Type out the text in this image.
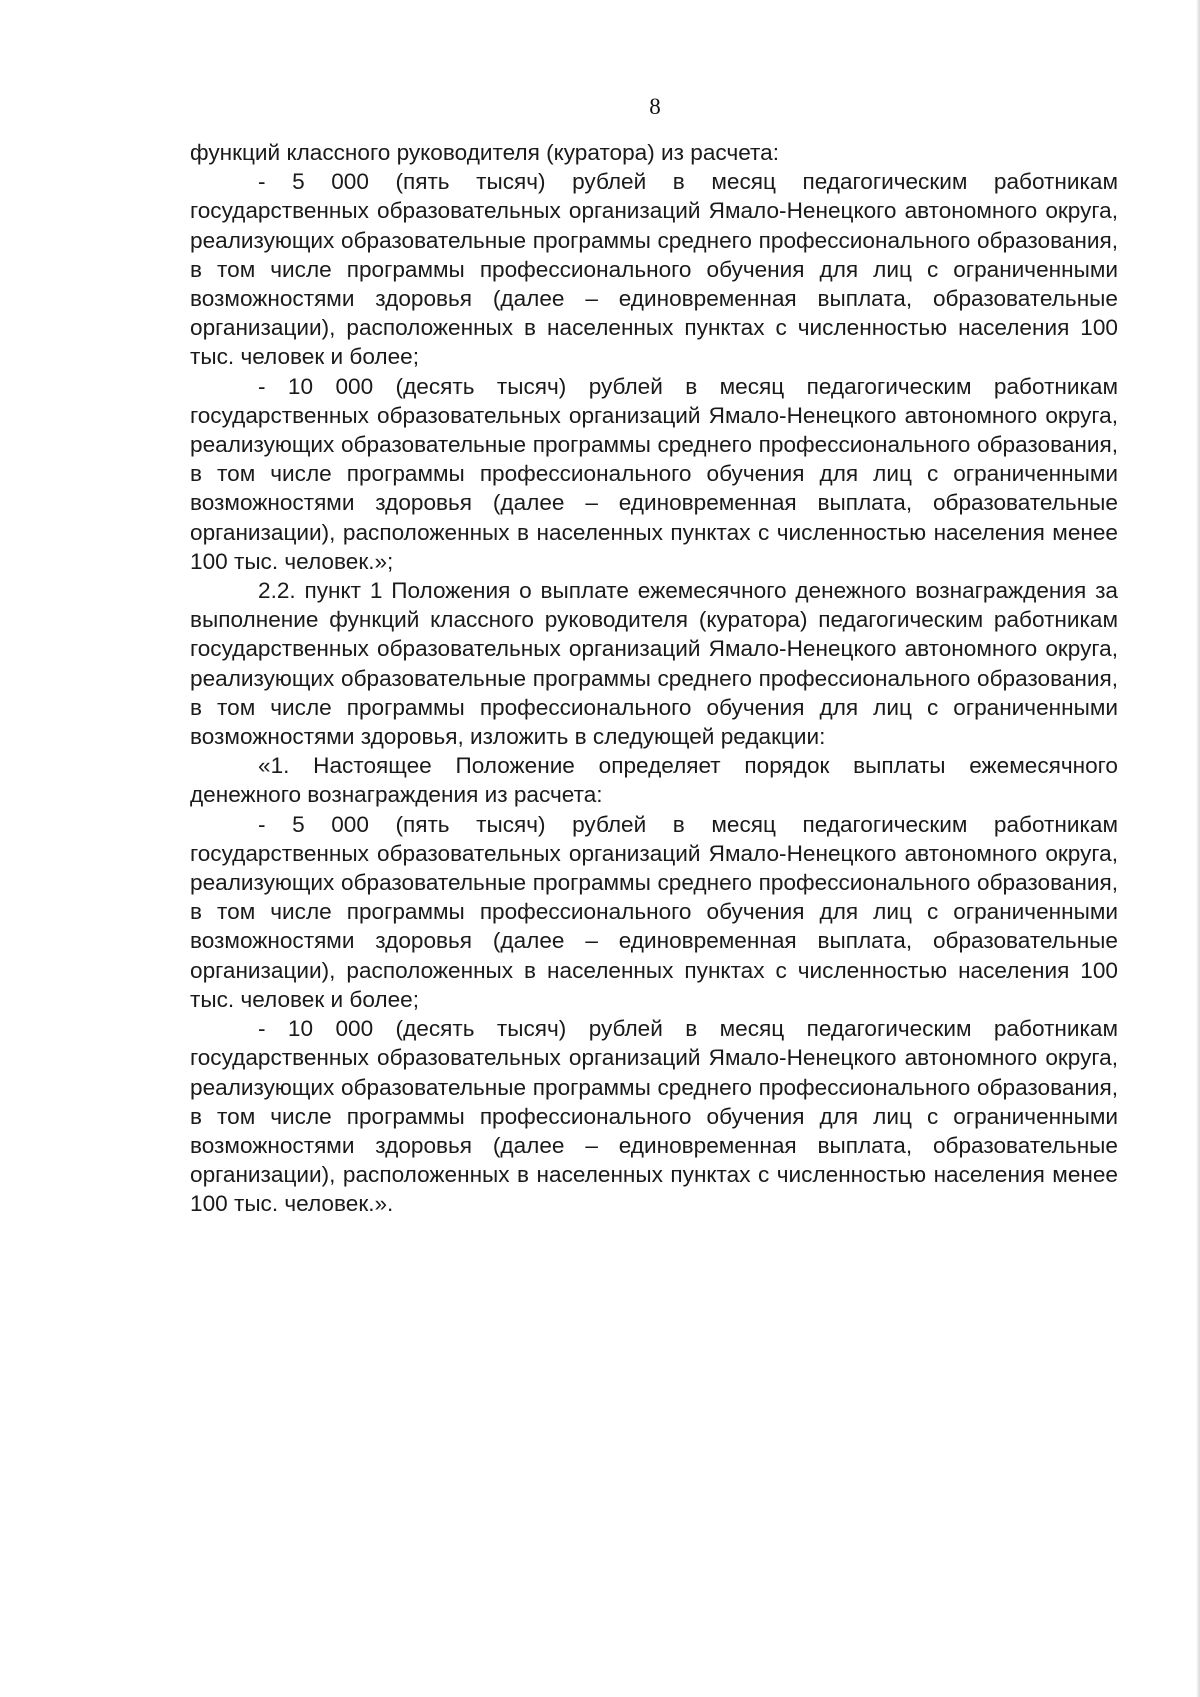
8

функций классного руководителя (куратора) из расчета:

- 5 000 (пять тысяч) рублей в месяц педагогическим работникам государственных образовательных организаций Ямало-Ненецкого автономного округа, реализующих образовательные программы среднего профессионального образования, в том числе программы профессионального обучения для лиц с ограниченными возможностями здоровья (далее – единовременная выплата, образовательные организации), расположенных в населенных пунктах с численностью населения 100 тыс. человек и более;

- 10 000 (десять тысяч) рублей в месяц педагогическим работникам государственных образовательных организаций Ямало-Ненецкого автономного округа, реализующих образовательные программы среднего профессионального образования, в том числе программы профессионального обучения для лиц с ограниченными возможностями здоровья (далее – единовременная выплата, образовательные организации), расположенных в населенных пунктах с численностью населения менее 100 тыс. человек.»;

2.2. пункт 1 Положения о выплате ежемесячного денежного вознаграждения за выполнение функций классного руководителя (куратора) педагогическим работникам государственных образовательных организаций Ямало-Ненецкого автономного округа, реализующих образовательные программы среднего профессионального образования, в том числе программы профессионального обучения для лиц с ограниченными возможностями здоровья, изложить в следующей редакции:

«1. Настоящее Положение определяет порядок выплаты ежемесячного денежного вознаграждения из расчета:

- 5 000 (пять тысяч) рублей в месяц педагогическим работникам государственных образовательных организаций Ямало-Ненецкого автономного округа, реализующих образовательные программы среднего профессионального образования, в том числе программы профессионального обучения для лиц с ограниченными возможностями здоровья (далее – единовременная выплата, образовательные организации), расположенных в населенных пунктах с численностью населения 100 тыс. человек и более;

- 10 000 (десять тысяч) рублей в месяц педагогическим работникам государственных образовательных организаций Ямало-Ненецкого автономного округа, реализующих образовательные программы среднего профессионального образования, в том числе программы профессионального обучения для лиц с ограниченными возможностями здоровья (далее – единовременная выплата, образовательные организации), расположенных в населенных пунктах с численностью населения менее 100 тыс. человек.».
